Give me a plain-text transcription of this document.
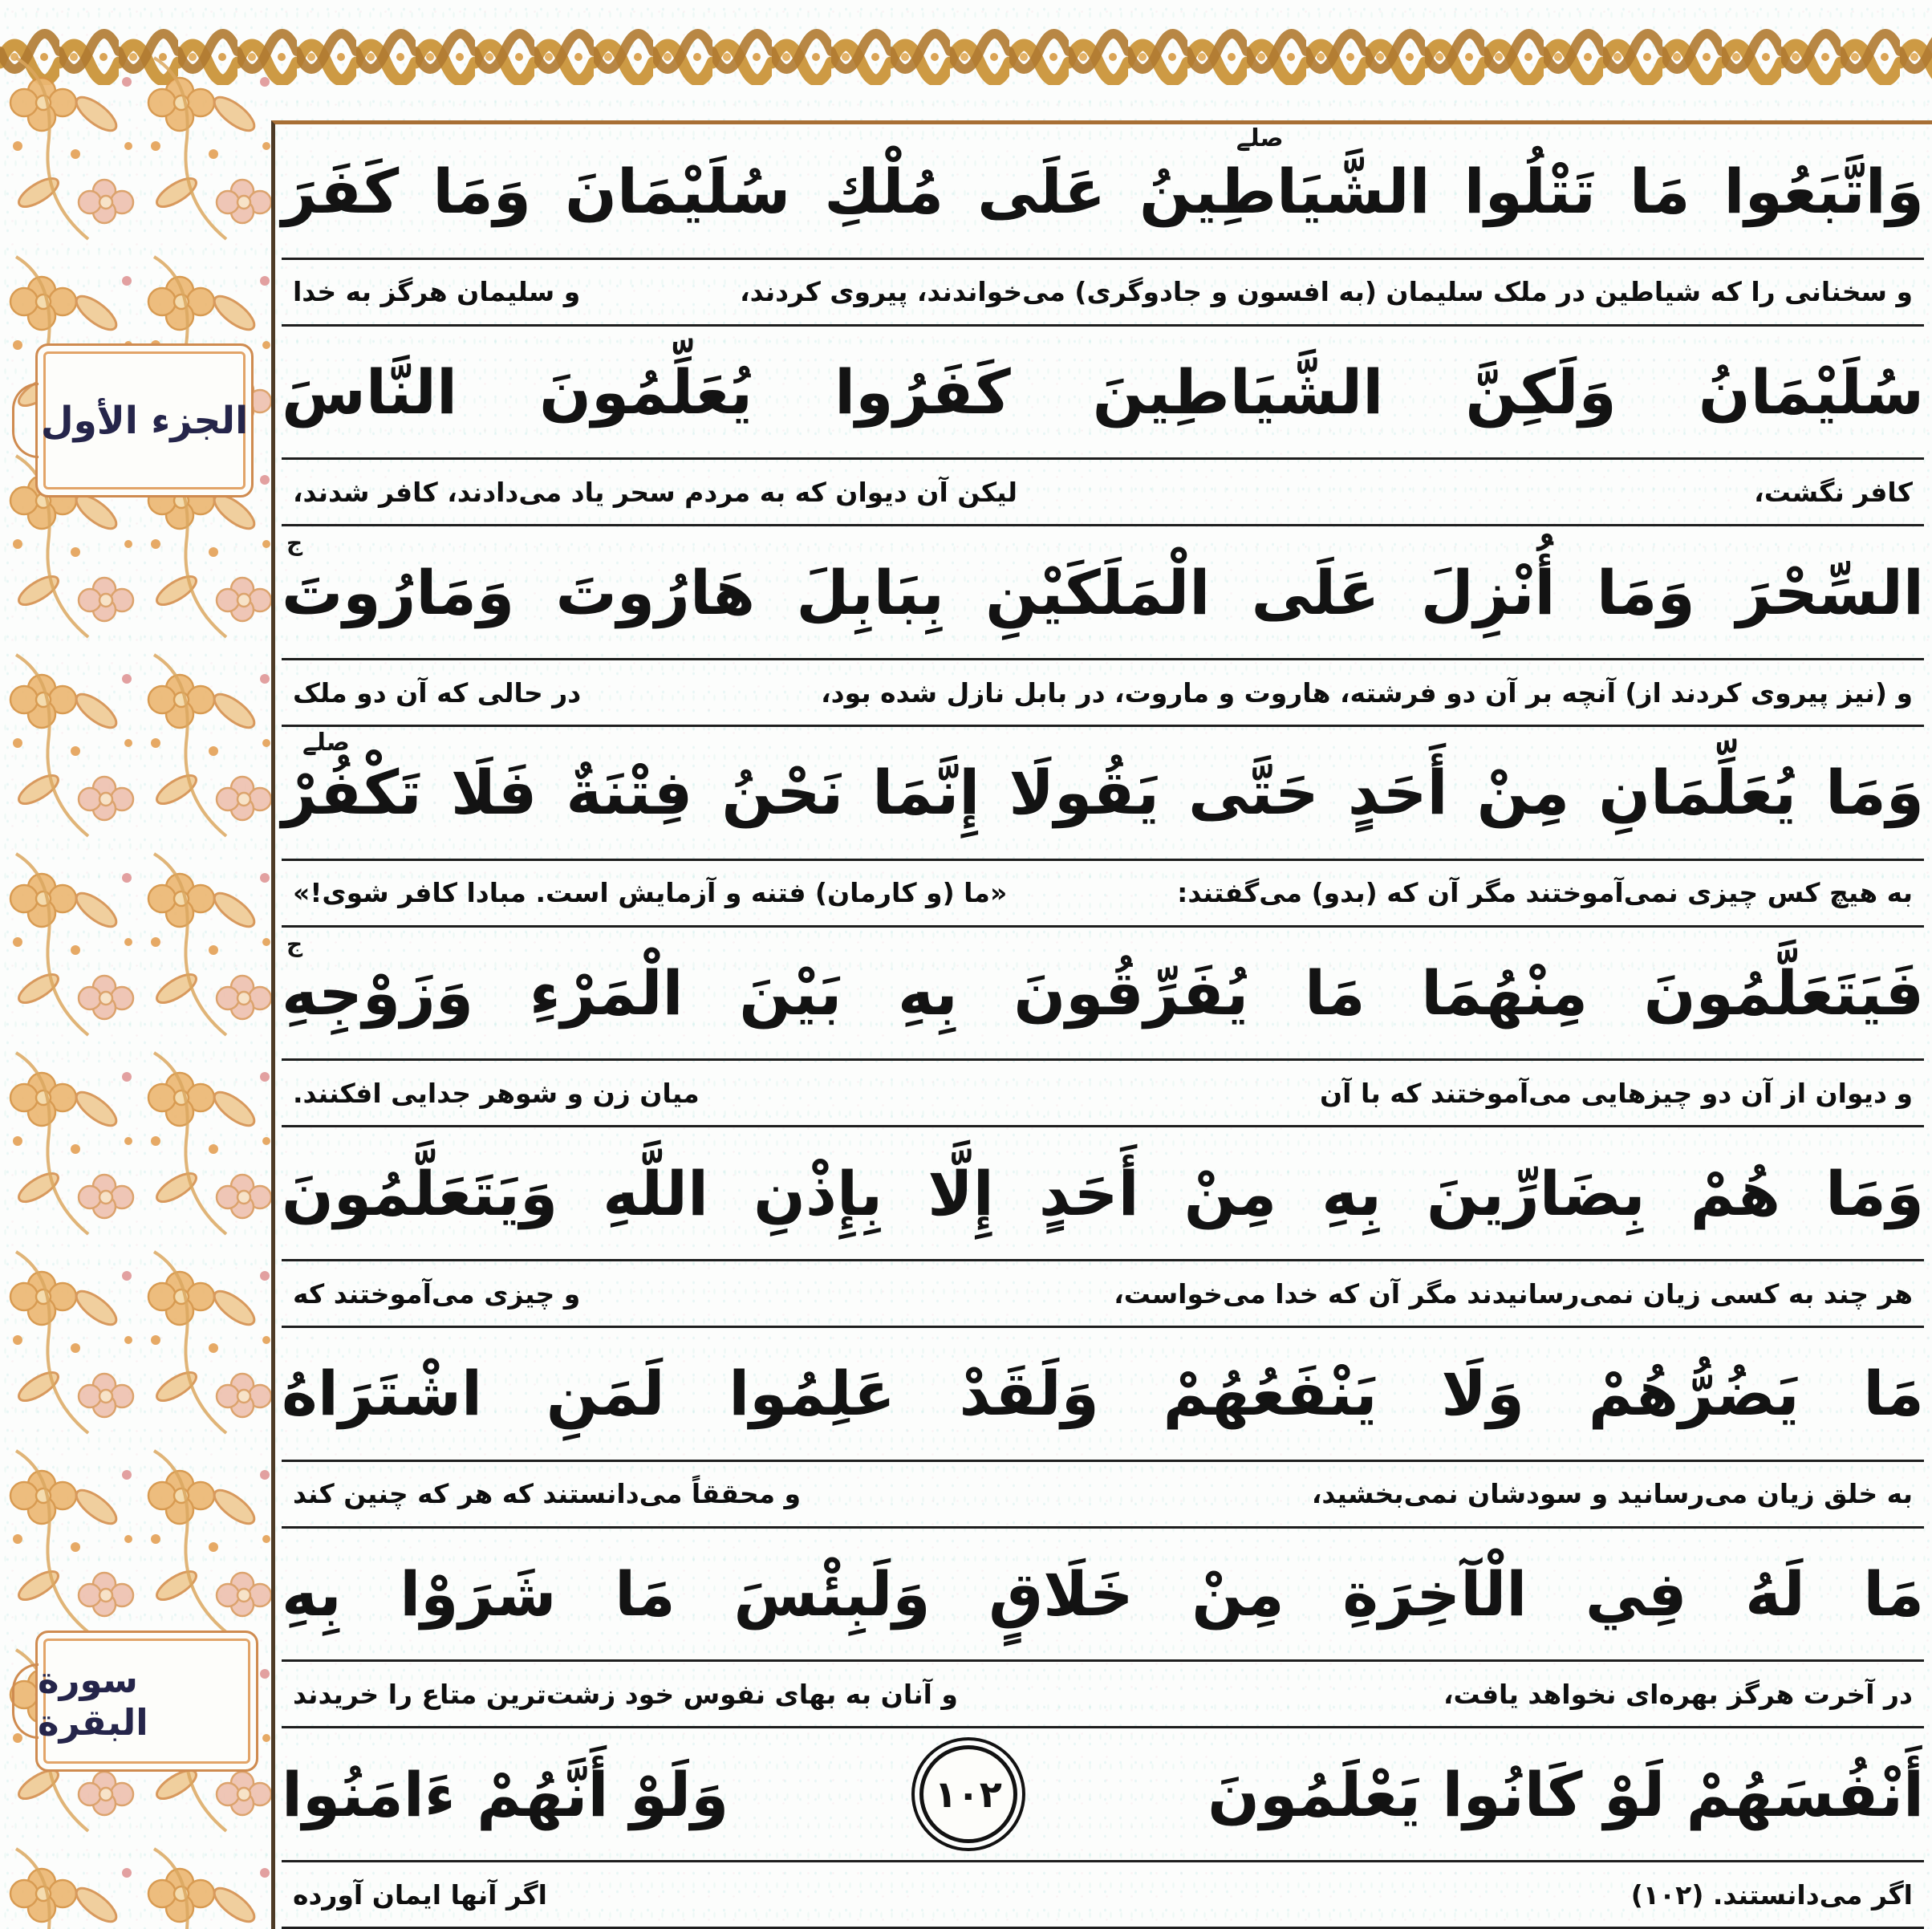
الجزء الأول
سورة البقرة
صلے
وَاتَّبَعُوا مَا تَتْلُوا الشَّيَاطِينُ عَلَى مُلْكِ سُلَيْمَانَ وَمَا كَفَرَ
و سخنانی را که شیاطین در ملک سلیمان (به افسون و جادوگری) می‌خواندند، پیروی کردند،
و سلیمان هرگز به خدا
سُلَيْمَانُ وَلَكِنَّ الشَّيَاطِينَ كَفَرُوا يُعَلِّمُونَ النَّاسَ
کافر نگشت،
لیکن آن دیوان که به مردم سحر یاد می‌دادند، کافر شدند،
ج
السِّحْرَ وَمَا أُنْزِلَ عَلَى الْمَلَكَيْنِ بِبَابِلَ هَارُوتَ وَمَارُوتَ
و (نیز پیروی کردند از) آنچه بر آن دو فرشته، هاروت و ماروت، در بابل نازل شده بود،
در حالی که آن دو ملک
صلے
وَمَا يُعَلِّمَانِ مِنْ أَحَدٍ حَتَّى يَقُولَا إِنَّمَا نَحْنُ فِتْنَةٌ فَلَا تَكْفُرْ
به هیچ کس چیزی نمی‌آموختند مگر آن که (بدو) می‌گفتند:
«ما (و کارمان) فتنه و آزمایش است. مبادا کافر شوی!»
ج
فَيَتَعَلَّمُونَ مِنْهُمَا مَا يُفَرِّقُونَ بِهِ بَيْنَ الْمَرْءِ وَزَوْجِهِ
و دیوان از آن دو چیزهایی می‌آموختند که با آن
میان زن و شوهر جدایی افکنند.
وَمَا هُمْ بِضَارِّينَ بِهِ مِنْ أَحَدٍ إِلَّا بِإِذْنِ اللَّهِ وَيَتَعَلَّمُونَ
هر چند به کسی زیان نمی‌رسانیدند مگر آن که خدا می‌خواست،
و چیزی می‌آموختند که
مَا يَضُرُّهُمْ وَلَا يَنْفَعُهُمْ وَلَقَدْ عَلِمُوا لَمَنِ اشْتَرَاهُ
به خلق زیان می‌رسانید و سودشان نمی‌بخشید،
و محققاً می‌دانستند که هر که چنین کند
مَا لَهُ فِي الْآخِرَةِ مِنْ خَلَاقٍ وَلَبِئْسَ مَا شَرَوْا بِهِ
در آخرت هرگز بهره‌ای نخواهد یافت،
و آنان به بهای نفوس خود زشت‌ترین متاع را خریدند
أَنْفُسَهُمْ لَوْ كَانُوا يَعْلَمُونَ
١٠٢
وَلَوْ أَنَّهُمْ ءَامَنُوا
اگر می‌دانستند. (۱۰۲)
اگر آنها ایمان آورده
